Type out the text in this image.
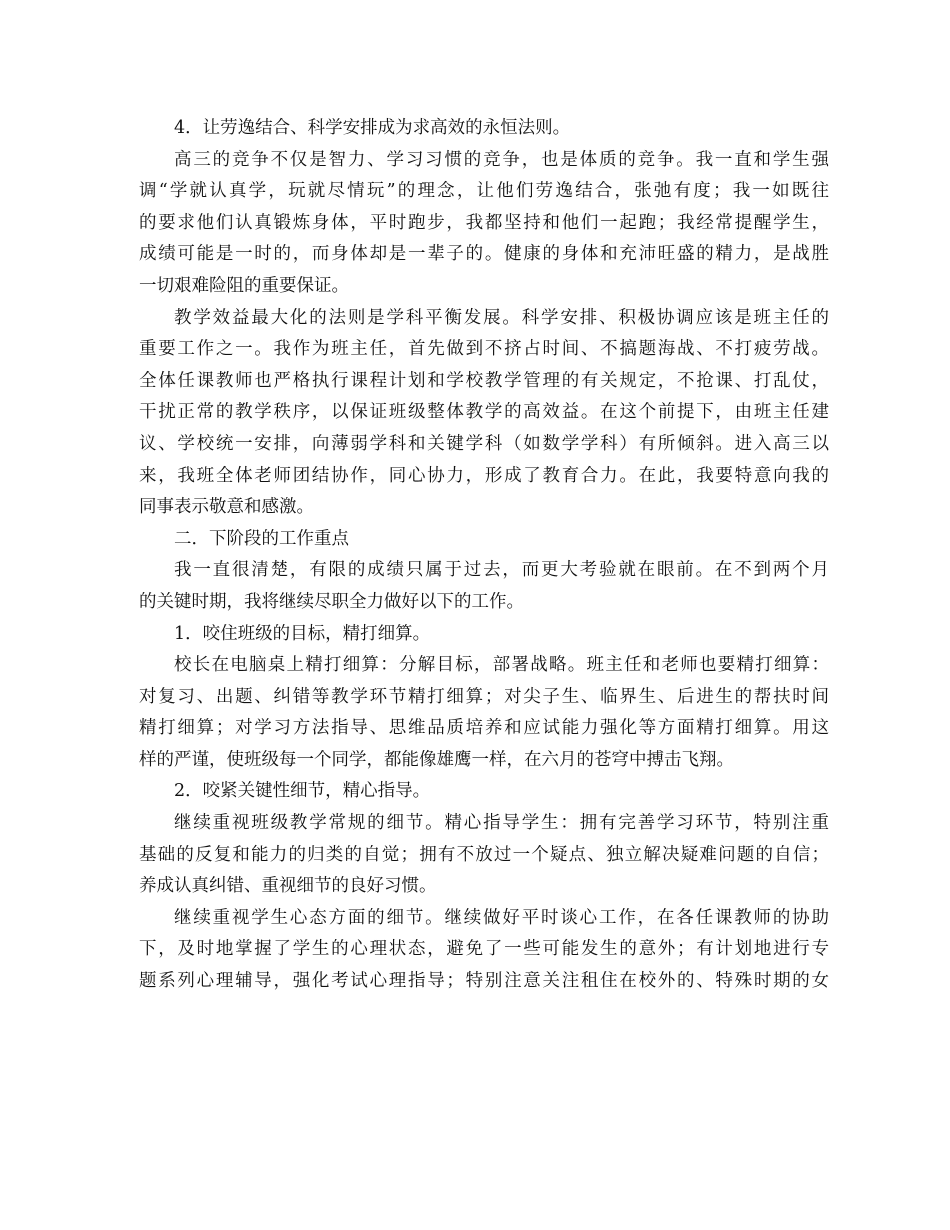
4．让劳逸结合、科学安排成为求高效的永恒法则。
高三的竞争不仅是智力、学习习惯的竞争，也是体质的竞争。我一直和学生强
调“学就认真学，玩就尽情玩”的理念，让他们劳逸结合，张弛有度；我一如既往
的要求他们认真锻炼身体，平时跑步，我都坚持和他们一起跑；我经常提醒学生，
成绩可能是一时的，而身体却是一辈子的。健康的身体和充沛旺盛的精力，是战胜
一切艰难险阻的重要保证。
教学效益最大化的法则是学科平衡发展。科学安排、积极协调应该是班主任的
重要工作之一。我作为班主任，首先做到不挤占时间、不搞题海战、不打疲劳战。
全体任课教师也严格执行课程计划和学校教学管理的有关规定，不抢课、打乱仗，
干扰正常的教学秩序，以保证班级整体教学的高效益。在这个前提下，由班主任建
议、学校统一安排，向薄弱学科和关键学科（如数学学科）有所倾斜。进入高三以
来，我班全体老师团结协作，同心协力，形成了教育合力。在此，我要特意向我的
同事表示敬意和感激。
二．下阶段的工作重点
我一直很清楚，有限的成绩只属于过去，而更大考验就在眼前。在不到两个月
的关键时期，我将继续尽职全力做好以下的工作。
1．咬住班级的目标，精打细算。
校长在电脑桌上精打细算：分解目标，部署战略。班主任和老师也要精打细算：
对复习、出题、纠错等教学环节精打细算；对尖子生、临界生、后进生的帮扶时间
精打细算；对学习方法指导、思维品质培养和应试能力强化等方面精打细算。用这
样的严谨，使班级每一个同学，都能像雄鹰一样，在六月的苍穹中搏击飞翔。
2．咬紧关键性细节，精心指导。
继续重视班级教学常规的细节。精心指导学生：拥有完善学习环节，特别注重
基础的反复和能力的归类的自觉；拥有不放过一个疑点、独立解决疑难问题的自信；
养成认真纠错、重视细节的良好习惯。
继续重视学生心态方面的细节。继续做好平时谈心工作，在各任课教师的协助
下，及时地掌握了学生的心理状态，避免了一些可能发生的意外；有计划地进行专
题系列心理辅导，强化考试心理指导；特别注意关注租住在校外的、特殊时期的女
